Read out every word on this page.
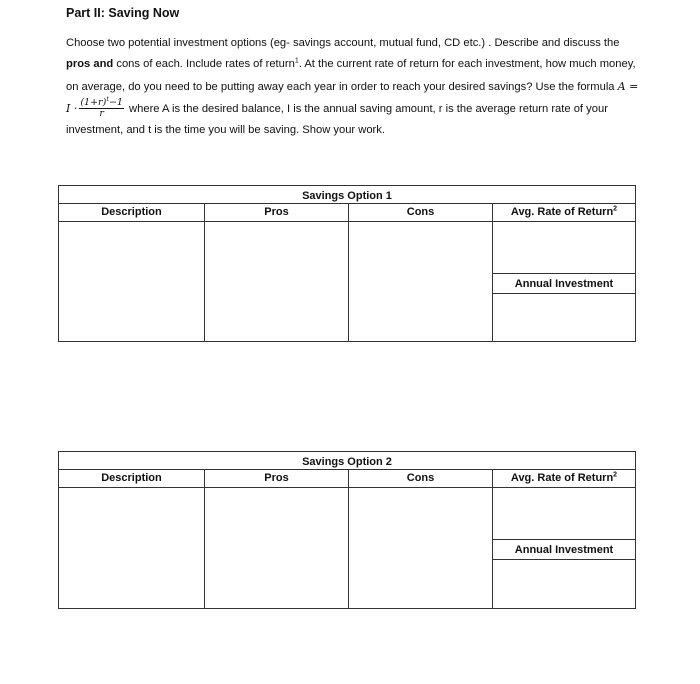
Part II: Saving Now
Choose two potential investment options (eg- savings account, mutual fund, CD etc.) . Describe and discuss the pros and cons of each. Include rates of return$^1$. At the current rate of return for each investment, how much money, on average, do you need to be putting away each year in order to reach your desired savings? Use the formula $A = I \cdot \frac{(1+r)^t-1}{r}$ where A is the desired balance, I is the annual saving amount, r is the average return rate of your investment, and t is the time you will be saving. Show your work.
Savings Option 1
Description	Pros	Cons	Avg. Rate of Return$^2$
Annual Investment
Savings Option 2
Description	Pros	Cons	Avg. Rate of Return$^2$
Annual Investment
